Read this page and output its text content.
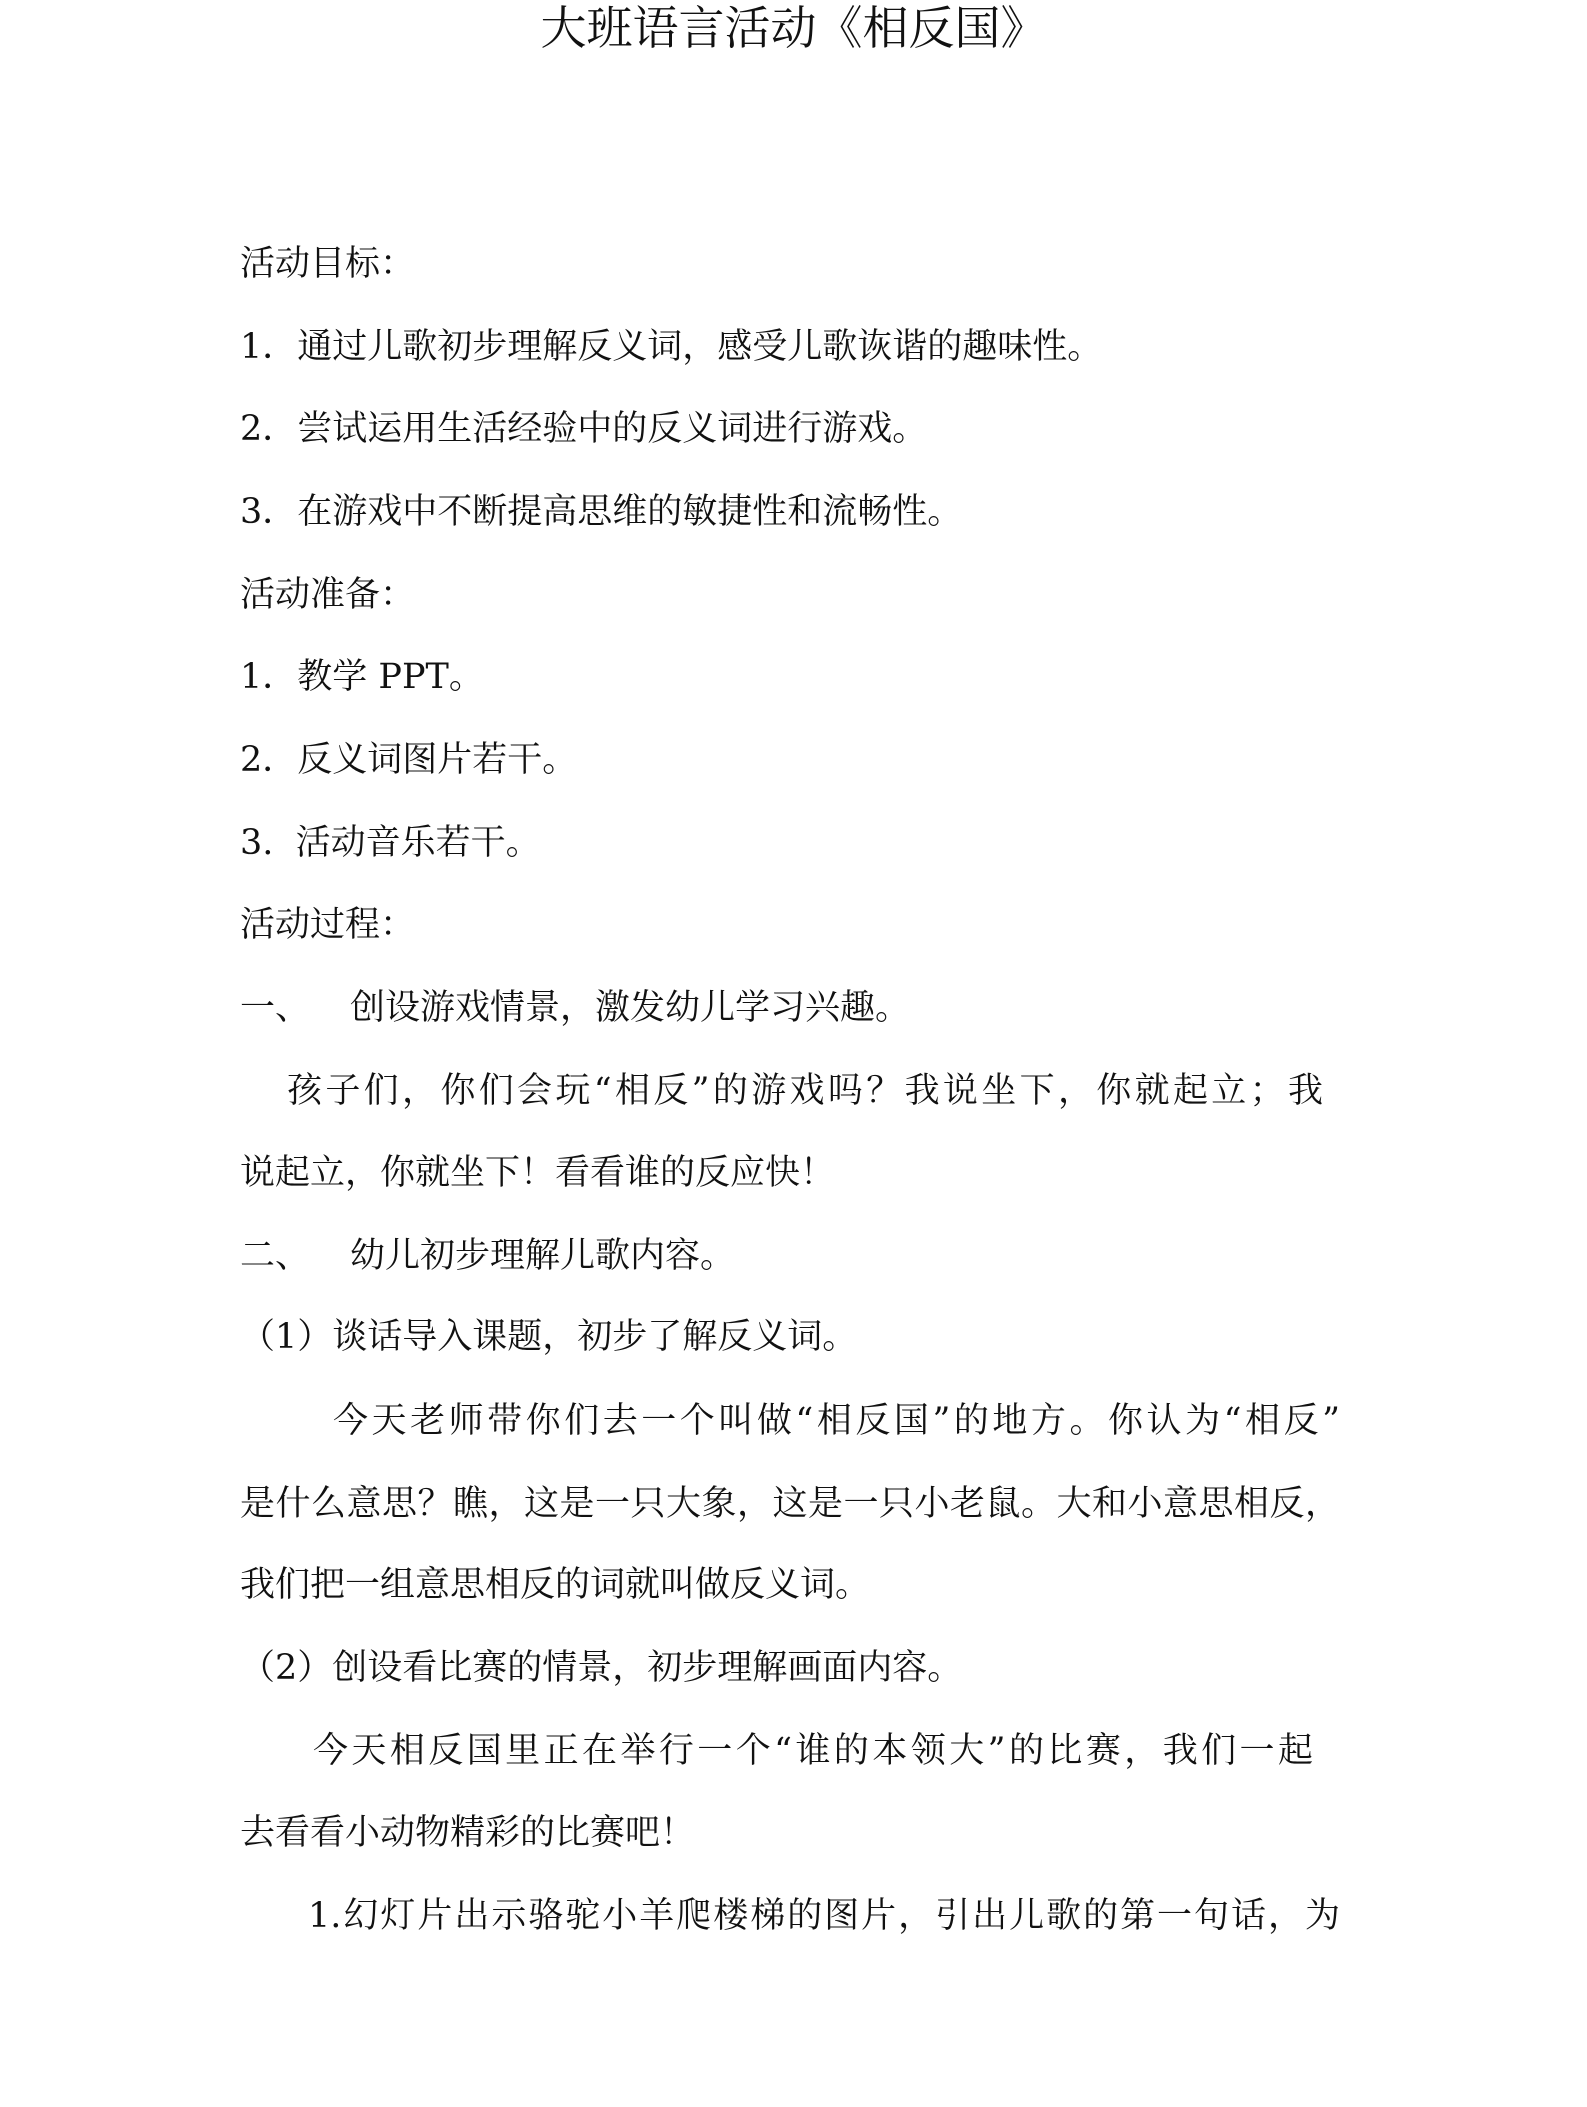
大班语言活动《相反国》
活动目标：
1．通过儿歌初步理解反义词，感受儿歌诙谐的趣味性。
2．尝试运用生活经验中的反义词进行游戏。
3．在游戏中不断提高思维的敏捷性和流畅性。
活动准备：
1．教学 PPT。
2．反义词图片若干。
3.  活动音乐若干。
活动过程：
一、 创设游戏情景，激发幼儿学习兴趣。
孩子们，你们会玩“相反”的游戏吗？我说坐下，你就起立；我
说起立，你就坐下！看看谁的反应快！
二、 幼儿初步理解儿歌内容。
（1）谈话导入课题，初步了解反义词。
今天老师带你们去一个叫做“相反国”的地方。你认为“相反”
是什么意思？瞧，这是一只大象，这是一只小老鼠。大和小意思相反，
我们把一组意思相反的词就叫做反义词。
（2）创设看比赛的情景，初步理解画面内容。
今天相反国里正在举行一个“谁的本领大”的比赛，我们一起
去看看小动物精彩的比赛吧！
1.幻灯片出示骆驼小羊爬楼梯的图片，引出儿歌的第一句话，为
